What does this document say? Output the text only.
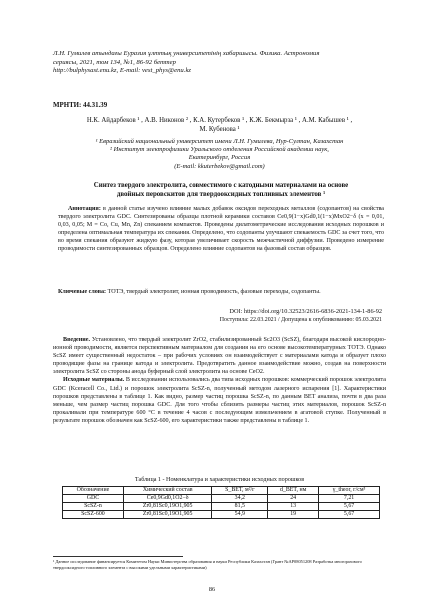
Л.Н. Гумилев атындағы Еуразия ұлттық университетінің хабаршысы. Физика. Астрономия
сериясы, 2021, том 134, №1, 86-92 беттер
http://bulphysast.enu.kz, E-mail: vest_phys@enu.kz
МРНТИ: 44.31.39
Н.К. Айдарбеков ¹ , А.В. Никонов ² , К.А. Кутербеков ¹ , К.Ж. Бекмырза ¹ , А.М. Кабышев ¹ ,
М. Кубенова ¹
¹ Евразийский национальный университет имени Л.Н. Гумилева, Нур-Султан, Казахстан
² Институт электрофизики Уральского отделения Российской академии наук,
Екатеринбург, Россия
(E-mail: kkuterbekov@gmail.com)
Синтез твердого электролита, совместимого с катодными материалами на основе
двойных перовскитов для твердооксидных топливных элементов ¹

Аннотация: в данной статье изучено влияние малых добавок оксидов переходных металлов (содопантов) на свойства твердого электролита GDC. Синтезированы образцы плотной керамики составов Ce0,9(1−x)Gd0,1(1−x)MxO2−δ (x = 0,01, 0,03, 0,05; M = Co, Cu, Mn, Zn) спеканием компактов. Проведены дилатометрические исследования исходных порошков и определена оптимальная температура их спекания. Определено, что содопанты улучшают спекаемость GDC за счет того, что во время спекания образуют жидкую фазу, которая увеличивает скорость межчастичной диффузии. Проведено измерение проводимости синтезированных образцов. Определено влияние содопантов на фазовый состав образцов.

Ключевые слова: ТОТЭ, твердый электролит, ионная проводимость, фазовые переходы, содопанты.
DOI: https://doi.org/10.32523/2616-6836-2021-134-1-86-92
Поступила: 22.03.2021 / Допущена к опубликованию: 05.03.2021

Введение. Установлено, что твердый электролит ZrO2, стабилизированный Sc2O3 (ScSZ), благодаря высокой кислородно-ионной проводимости, является перспективным материалом для создания на его основе высокотемпературных ТОТЭ. Однако ScSZ имеет существенный недостаток – при рабочих условиях он взаимодействует с материалами катода и образует плохо проводящие фазы на границе катода и электролита. Предотвратить данное взаимодействие можно, создав на поверхности электролита ScSZ со стороны анода буферный слой электролита на основе CeO2.

Исходные материалы. В исследовании использовались два типа исходных порошков: коммерческий порошок электролита GDC (Kceracell Co., Ltd.) и порошок электролита ScSZ-n, полученный методом лазерного испарения [1]. Характеристики порошков представлены в таблице 1. Как видно, размер частиц порошка ScSZ-n, по данным ВЕТ анализа, почти в два раза меньше, чем размер частиц порошка GDC. Для того чтобы сблизить размеры частиц этих материалов, порошок ScSZ-n прокаливали при температуре 600 °C в течение 4 часов с последующим измельчением в агатовой ступке. Полученный в результате порошок обозначен как ScSZ-600, его характеристики также представлены в таблице 1.

Таблица 1 - Номенклатура и характеристики исходных порошков
Обозначение	Химический состав	S_BET, м²/г	d_BET, нм	γ_theor, г/см³
GDC	Ce0,9Gd0,1O2−δ	34,2	24	7,21
ScSZ-n	Zr0,81Sc0,19O1,905	81,5	13	5,67
ScSZ-600	Zr0,81Sc0,19O1,905	54,9	19	5,67
¹ Данное исследование финансируется Комитетом Науки Министерства образования и науки Республики Казахстан (Грант №AP08051208 Разработка многоразового твердооксидного топливного элемента с высокими удельными характеристиками)
86
